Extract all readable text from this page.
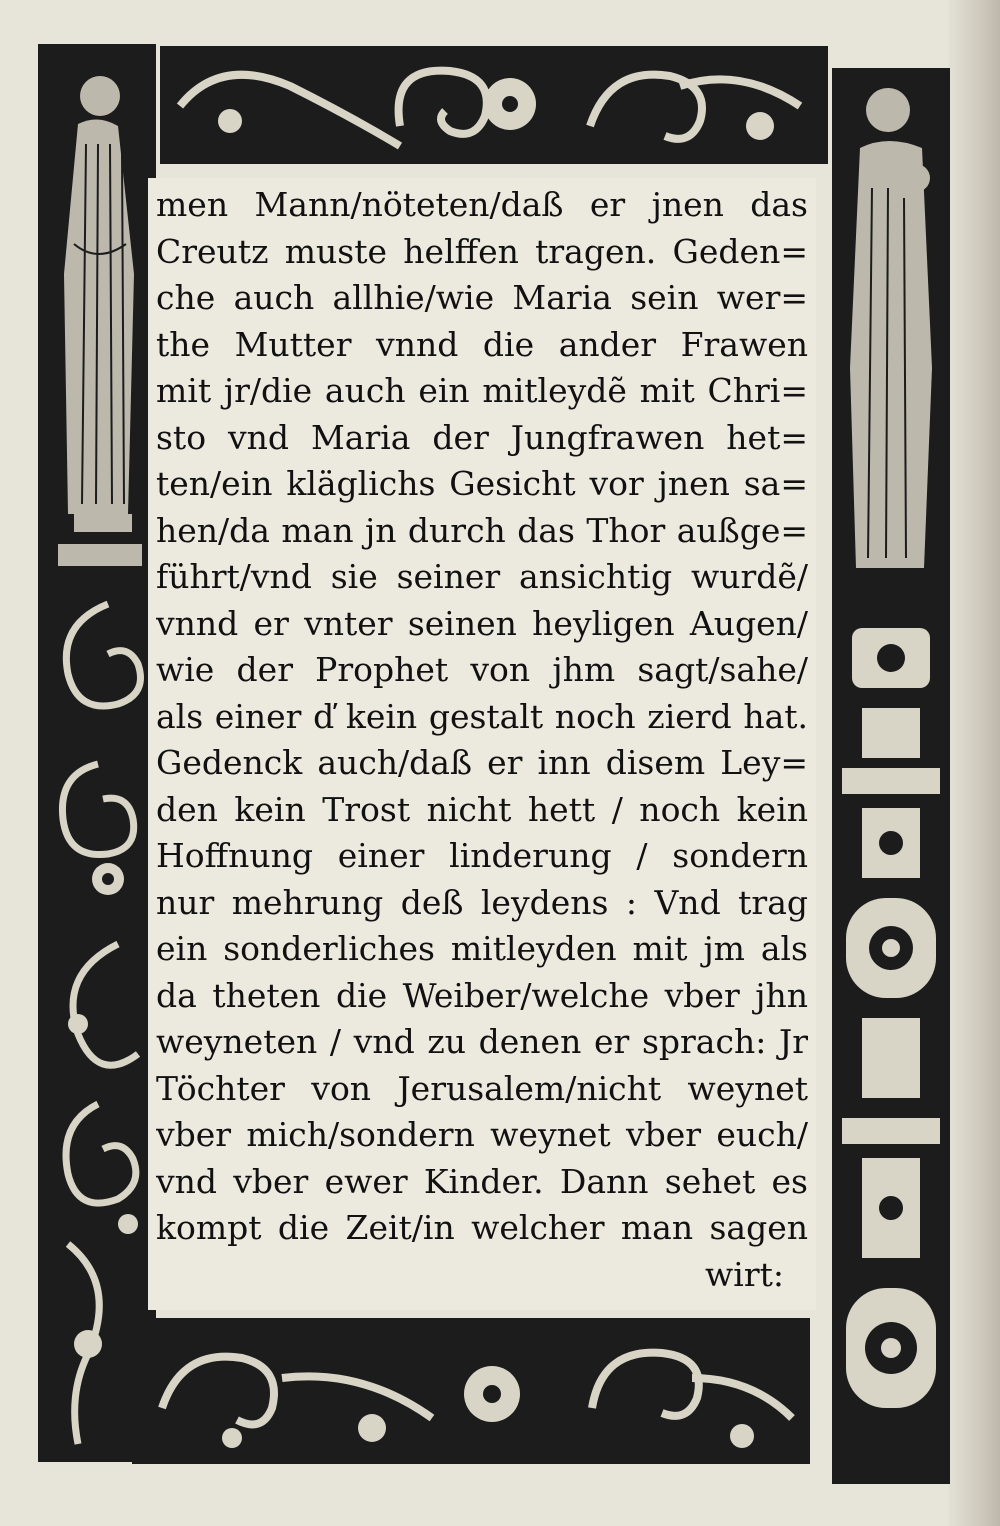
men Mann/nöteten/daß er jnen das
Creutz muste helffen tragen. Geden=
che auch allhie/wie Maria sein wer=
the Mutter vnnd die ander Frawen
mit jr/die auch ein mitleydẽ mit Chri=
sto vnd Maria der Jungfrawen het=
ten/ein kläglichs Gesicht vor jnen sa=
hen/da man jn durch das Thor außge=
führt/vnd sie seiner ansichtig wurdẽ/
vnnd er vnter seinen heyligen Augen/
wie der Prophet von jhm sagt/sahe/
als einer ď kein gestalt noch zierd hat.
Gedenck auch/daß er inn disem Ley=
den kein Trost nicht hett / noch kein
Hoffnung einer linderung / sondern
nur mehrung deß leydens : Vnd trag
ein sonderliches mitleyden mit jm als
da theten die Weiber/welche vber jhn
weyneten / vnd zu denen er sprach: Jr
Töchter von Jerusalem/nicht weynet
vber mich/sondern weynet vber euch/
vnd vber ewer Kinder. Dann sehet es
kompt die Zeit/in welcher man sagen
wirt:
